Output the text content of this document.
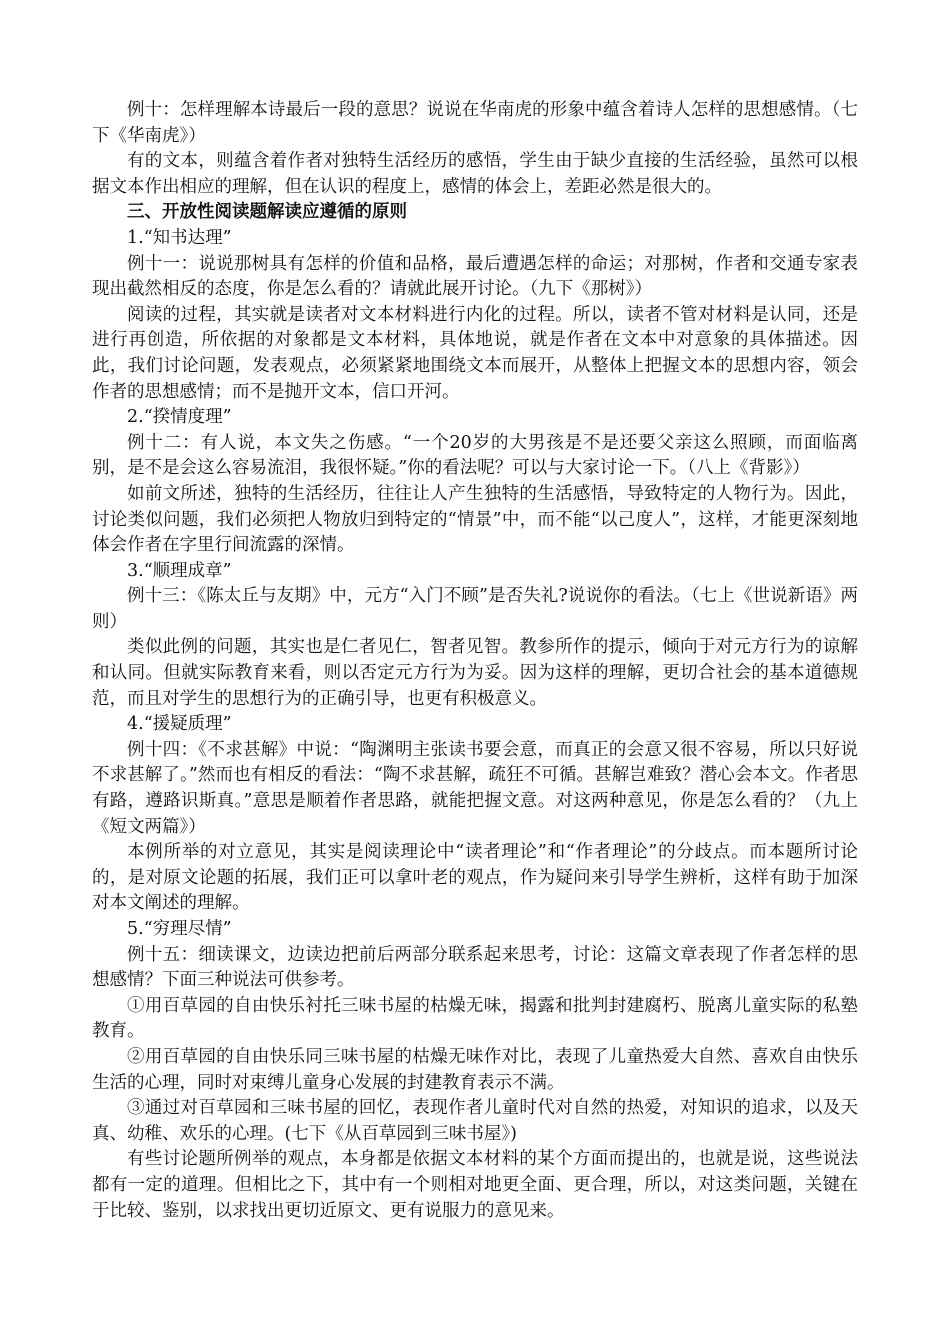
例十：怎样理解本诗最后一段的意思？说说在华南虎的形象中蕴含着诗人怎样的思想感情。（七下《华南虎》）

有的文本，则蕴含着作者对独特生活经历的感悟，学生由于缺少直接的生活经验，虽然可以根据文本作出相应的理解，但在认识的程度上，感情的体会上，差距必然是很大的。

三、开放性阅读题解读应遵循的原则

1.“知书达理”

例十一：说说那树具有怎样的价值和品格，最后遭遇怎样的命运；对那树，作者和交通专家表现出截然相反的态度，你是怎么看的？请就此展开讨论。（九下《那树》）

阅读的过程，其实就是读者对文本材料进行内化的过程。所以，读者不管对材料是认同，还是进行再创造，所依据的对象都是文本材料，具体地说，就是作者在文本中对意象的具体描述。因此，我们讨论问题，发表观点，必须紧紧地围绕文本而展开，从整体上把握文本的思想内容，领会作者的思想感情；而不是抛开文本，信口开河。

2.“揆情度理”

例十二：有人说，本文失之伤感。“一个20岁的大男孩是不是还要父亲这么照顾，而面临离别，是不是会这么容易流泪，我很怀疑。”你的看法呢？可以与大家讨论一下。（八上《背影》）

如前文所述，独特的生活经历，往往让人产生独特的生活感悟，导致特定的人物行为。因此，讨论类似问题，我们必须把人物放归到特定的“情景”中，而不能“以己度人”，这样，才能更深刻地体会作者在字里行间流露的深情。

3.“顺理成章”

例十三：《陈太丘与友期》中，元方“入门不顾”是否失礼?说说你的看法。（七上《世说新语》两则）

类似此例的问题，其实也是仁者见仁，智者见智。教参所作的提示，倾向于对元方行为的谅解和认同。但就实际教育来看，则以否定元方行为为妥。因为这样的理解，更切合社会的基本道德规范，而且对学生的思想行为的正确引导，也更有积极意义。

4.“援疑质理”

例十四：《不求甚解》中说：“陶渊明主张读书要会意，而真正的会意又很不容易，所以只好说不求甚解了。”然而也有相反的看法：“陶不求甚解，疏狂不可循。甚解岂难致？潜心会本文。作者思有路，遵路识斯真。”意思是顺着作者思路，就能把握文意。对这两种意见，你是怎么看的？（九上《短文两篇》）

本例所举的对立意见，其实是阅读理论中“读者理论”和“作者理论”的分歧点。而本题所讨论的，是对原文论题的拓展，我们正可以拿叶老的观点，作为疑问来引导学生辨析，这样有助于加深对本文阐述的理解。

5.“穷理尽情”

例十五：细读课文，边读边把前后两部分联系起来思考，讨论：这篇文章表现了作者怎样的思想感情？下面三种说法可供参考。

①用百草园的自由快乐衬托三味书屋的枯燥无味，揭露和批判封建腐朽、脱离儿童实际的私塾教育。

②用百草园的自由快乐同三味书屋的枯燥无味作对比，表现了儿童热爱大自然、喜欢自由快乐生活的心理，同时对束缚儿童身心发展的封建教育表示不满。

③通过对百草园和三味书屋的回忆，表现作者儿童时代对自然的热爱，对知识的追求，以及天真、幼稚、欢乐的心理。(七下《从百草园到三味书屋》)

有些讨论题所例举的观点，本身都是依据文本材料的某个方面而提出的，也就是说，这些说法都有一定的道理。但相比之下，其中有一个则相对地更全面、更合理，所以，对这类问题，关键在于比较、鉴别，以求找出更切近原文、更有说服力的意见来。
